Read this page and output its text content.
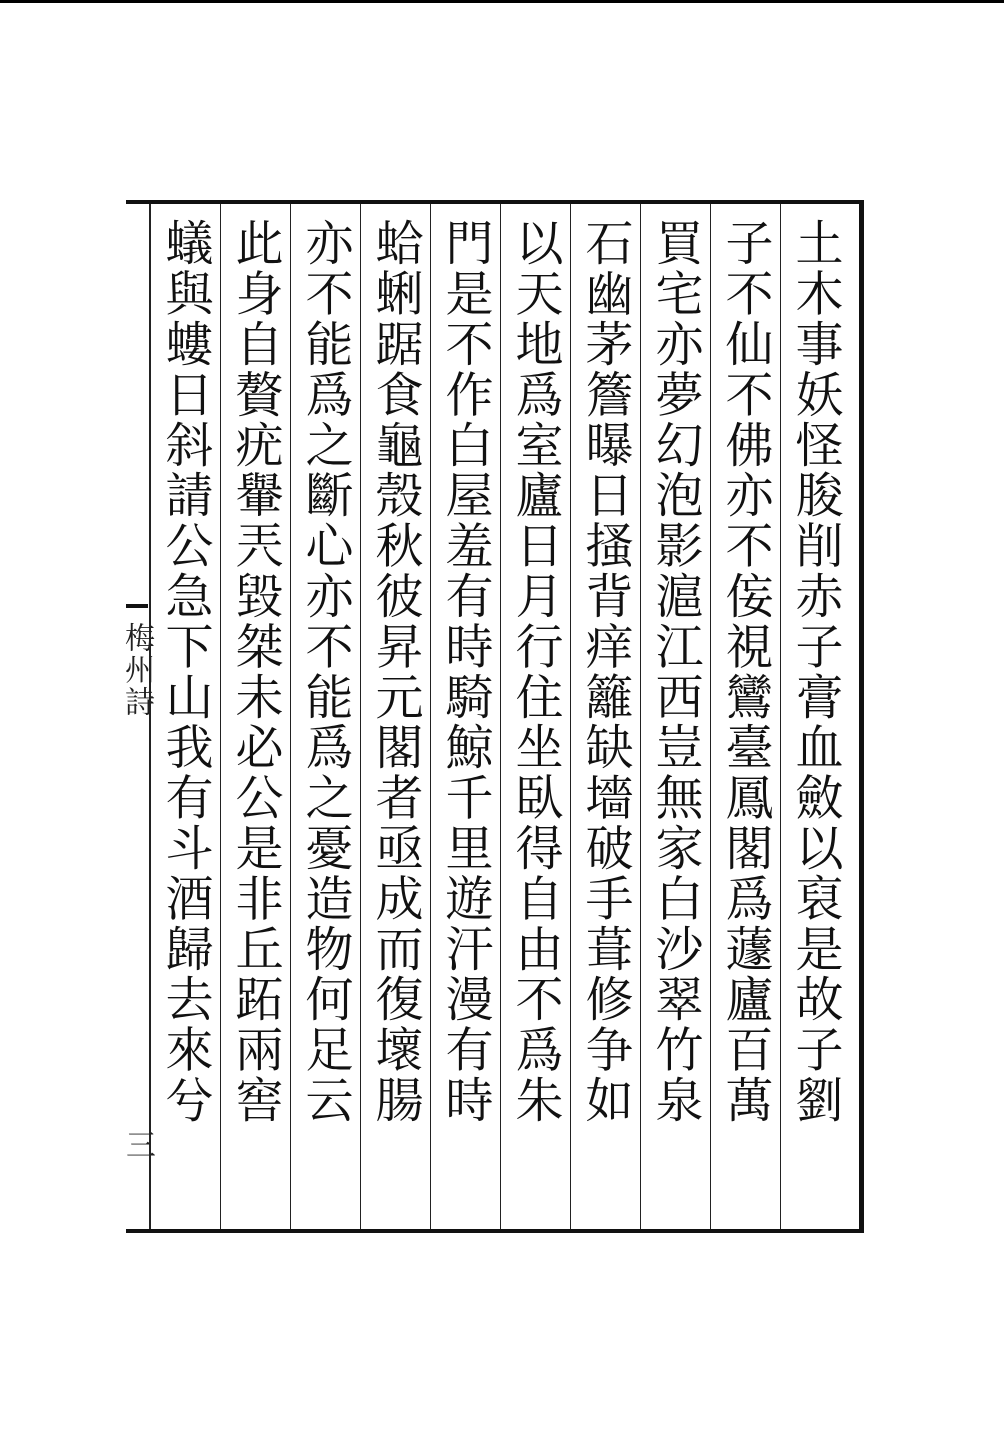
梅州詩
三
土木事妖怪朘削赤子膏血斂以裒是故子劉
子不仙不佛亦不侫視鸞臺鳳閣爲蘧廬百萬
買宅亦夢幻泡影滬江西豈無家白沙翠竹泉
石幽茅簷曝日搔背痒籬缺墻破手葺修争如
以天地爲室廬日月行住坐臥得自由不爲朱
門是不作白屋羞有時騎鯨千里遊汗漫有時
蛤蜊踞食龜殼秋彼昇元閣者亟成而復壞腸
亦不能爲之斷心亦不能爲之憂造物何足云
此身自贅疣轝兲毀桀未必公是非丘跖兩窖
蟻與螻日斜請公急下山我有斗酒歸去來兮
